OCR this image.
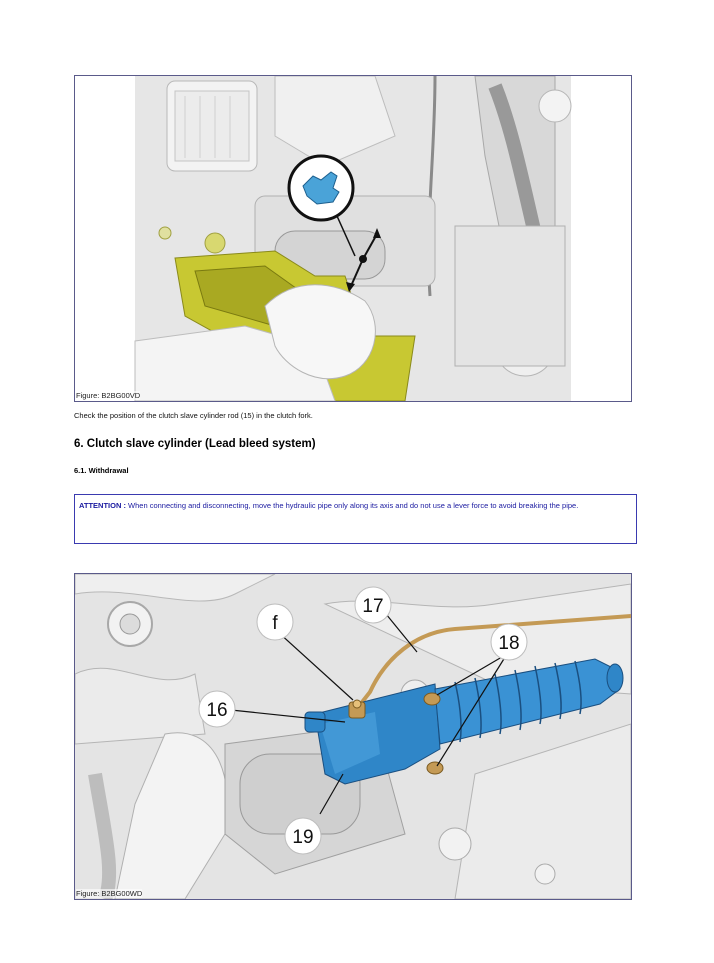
Figure: B2BG00VD
Check the position of the clutch slave cylinder rod (15) in the clutch fork.
6. Clutch slave cylinder (Lead bleed system)
6.1. Withdrawal
ATTENTION : When connecting and disconnecting, move the hydraulic pipe only along its axis and do not use a lever force to avoid breaking the pipe.
f
16
17
18
19
Figure: B2BG00WD
